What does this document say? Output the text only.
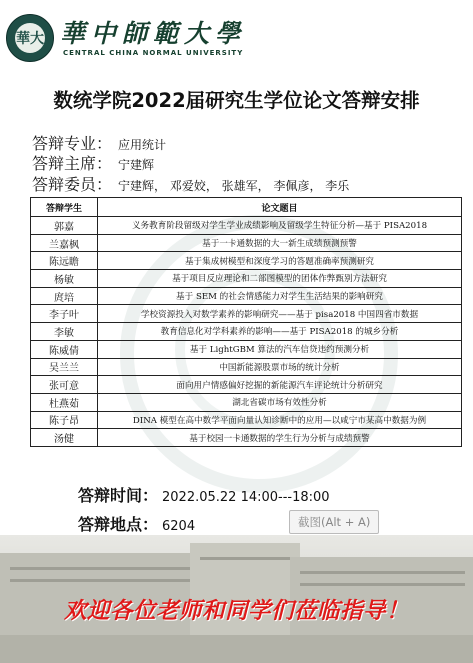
華大 華中師範大學
CENTRAL CHINA NORMAL UNIVERSITY
数统学院2022届研究生学位论文答辩安排
答辩专业： 应用统计
答辩主席： 宁建辉
答辩委员： 宁建辉， 邓爱姣， 张雄军， 李佩彦， 李乐
答辩学生	论文题目
郭嘉	义务教育阶段留级对学生学业成绩影响及留级学生特征分析—基于 PISA2018
兰嘉枫	基于一卡通数据的大一新生成绩预测预警
陈远瞻	基于集成树模型和深度学习的答题准确率预测研究
杨敏	基于项目反应理论和二部图模型的团体作弊甄别方法研究
庹培	基于 SEM 的社会情感能力对学生生活结果的影响研究
李子叶	学校资源投入对数学素养的影响研究——基于 pisa2018 中国四省市数据
李敏	教育信息化对学科素养的影响——基于 PISA2018 的城乡分析
陈威倩	基于 LightGBM 算法的汽车信贷违约预测分析
吴兰兰	中国新能源股票市场的统计分析
张可意	面向用户情感偏好挖掘的新能源汽车评论统计分析研究
杜燕茹	湖北省碳市场有效性分析
陈子昂	DINA 模型在高中数学平面向量认知诊断中的应用—以咸宁市某高中数据为例
汤健	基于校园一卡通数据的学生行为分析与成绩预警
答辩时间： 2022.05.22 14:00---18:00
答辩地点： 6204	截图(Alt + A)
欢迎各位老师和同学们莅临指导！
